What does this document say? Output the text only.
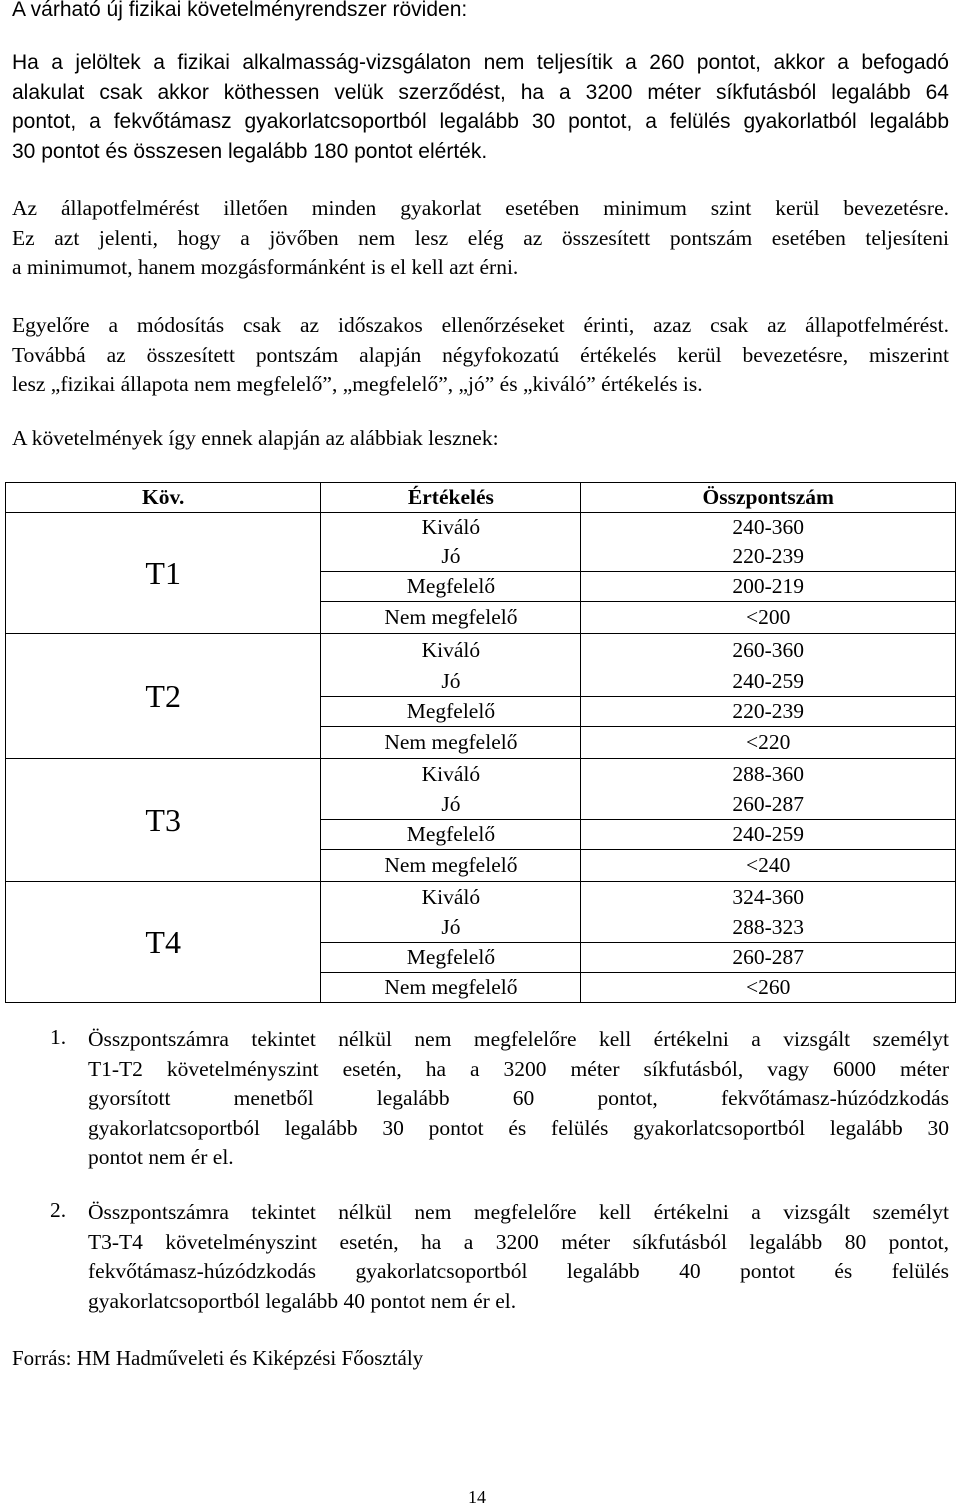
A várható új fizikai követelményrendszer röviden:
Ha a jelöltek a fizikai alkalmasság-vizsgálaton nem teljesítik a 260 pontot, akkor a befogadó
alakulat csak akkor köthessen velük szerződést, ha a 3200 méter síkfutásból legalább 64
pontot, a fekvőtámasz gyakorlatcsoportból legalább 30 pontot, a felülés gyakorlatból legalább
30 pontot és összesen legalább 180 pontot elérték.
Az állapotfelmérést illetően minden gyakorlat esetében minimum szint kerül bevezetésre.
Ez azt jelenti, hogy a jövőben nem lesz elég az összesített pontszám esetében teljesíteni
a minimumot, hanem mozgásformánként is el kell azt érni.
Egyelőre a módosítás csak az időszakos ellenőrzéseket érinti, azaz csak az állapotfelmérést.
Továbbá az összesített pontszám alapján négyfokozatú értékelés kerül bevezetésre, miszerint
lesz „fizikai állapota nem megfelelő”, „megfelelő”, „jó” és „kiváló” értékelés is.
A követelmények így ennek alapján az alábbiak lesznek:
Köv.	Értékelés	Összpontszám
T1	Kiváló	240-360
	Jó	220-239
	Megfelelő	200-219
	Nem megfelelő	<200
T2	Kiváló	260-360
	Jó	240-259
	Megfelelő	220-239
	Nem megfelelő	<220
T3	Kiváló	288-360
	Jó	260-287
	Megfelelő	240-259
	Nem megfelelő	<240
T4	Kiváló	324-360
	Jó	288-323
	Megfelelő	260-287
	Nem megfelelő	<260
1. Összpontszámra tekintet nélkül nem megfelelőre kell értékelni a vizsgált személyt
T1-T2 követelményszint esetén, ha a 3200 méter síkfutásból, vagy 6000 méter
gyorsított menetből legalább 60 pontot, fekvőtámasz-húzódzkodás
gyakorlatcsoportból legalább 30 pontot és felülés gyakorlatcsoportból legalább 30
pontot nem ér el.
2. Összpontszámra tekintet nélkül nem megfelelőre kell értékelni a vizsgált személyt
T3-T4 követelményszint esetén, ha a 3200 méter síkfutásból legalább 80 pontot,
fekvőtámasz-húzódzkodás gyakorlatcsoportból legalább 40 pontot és felülés
gyakorlatcsoportból legalább 40 pontot nem ér el.
Forrás: HM Hadműveleti és Kiképzési Főosztály
14
